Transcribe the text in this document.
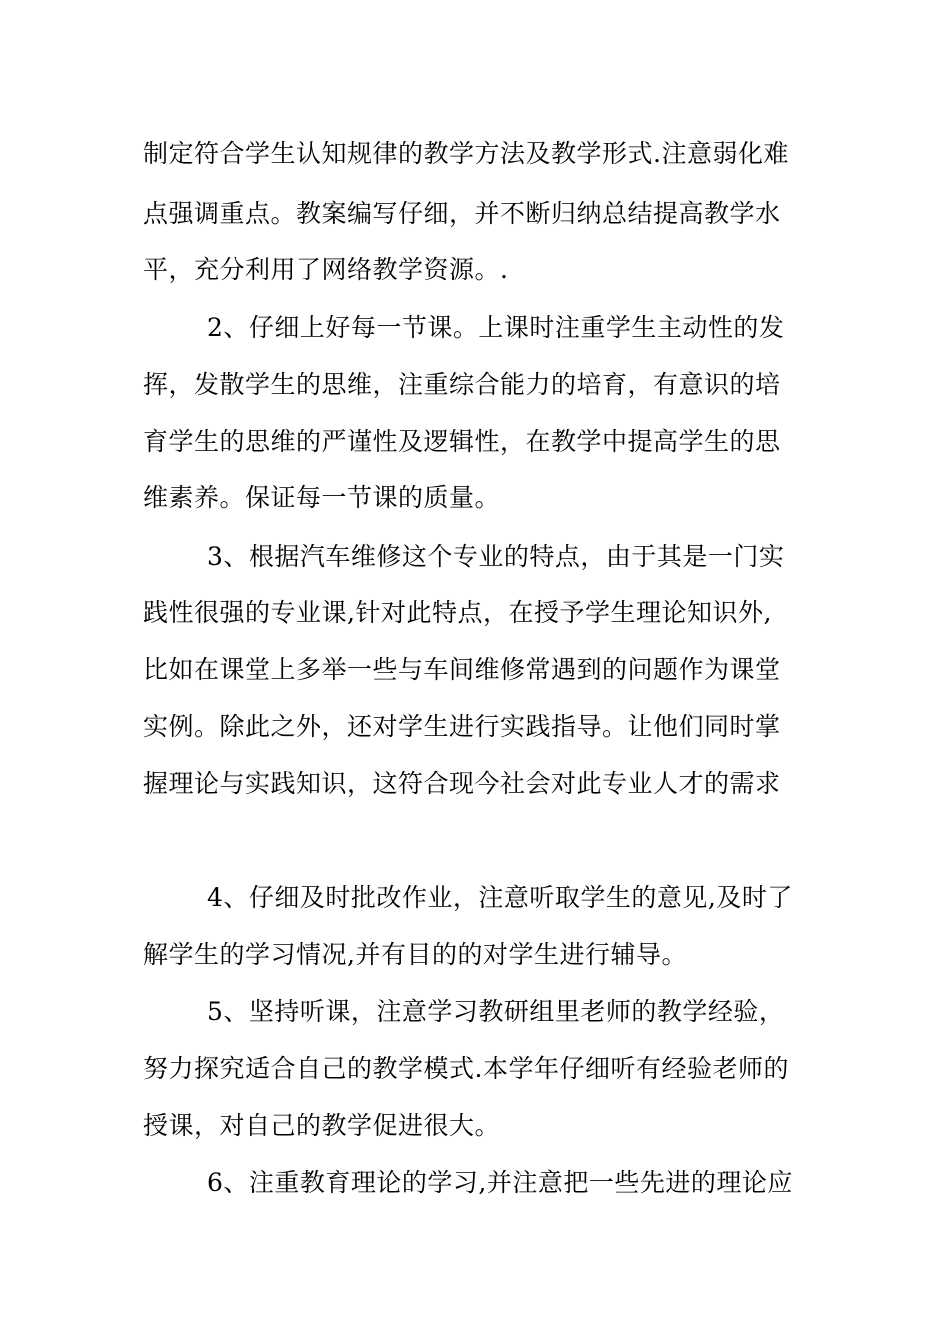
制定符合学生认知规律的教学方法及教学形式.注意弱化难
点强调重点。教案编写仔细，并不断归纳总结提高教学水
平，充分利用了网络教学资源。.
2、仔细上好每一节课。上课时注重学生主动性的发
挥，发散学生的思维，注重综合能力的培育，有意识的培
育学生的思维的严谨性及逻辑性，在教学中提高学生的思
维素养。保证每一节课的质量。
3、根据汽车维修这个专业的特点，由于其是一门实
践性很强的专业课,针对此特点，在授予学生理论知识外,
比如在课堂上多举一些与车间维修常遇到的问题作为课堂
实例。除此之外，还对学生进行实践指导。让他们同时掌
握理论与实践知识，这符合现今社会对此专业人才的需求
4、仔细及时批改作业，注意听取学生的意见,及时了
解学生的学习情况,并有目的的对学生进行辅导。
5、坚持听课，注意学习教研组里老师的教学经验，
努力探究适合自己的教学模式.本学年仔细听有经验老师的
授课，对自己的教学促进很大。
6、注重教育理论的学习,并注意把一些先进的理论应
